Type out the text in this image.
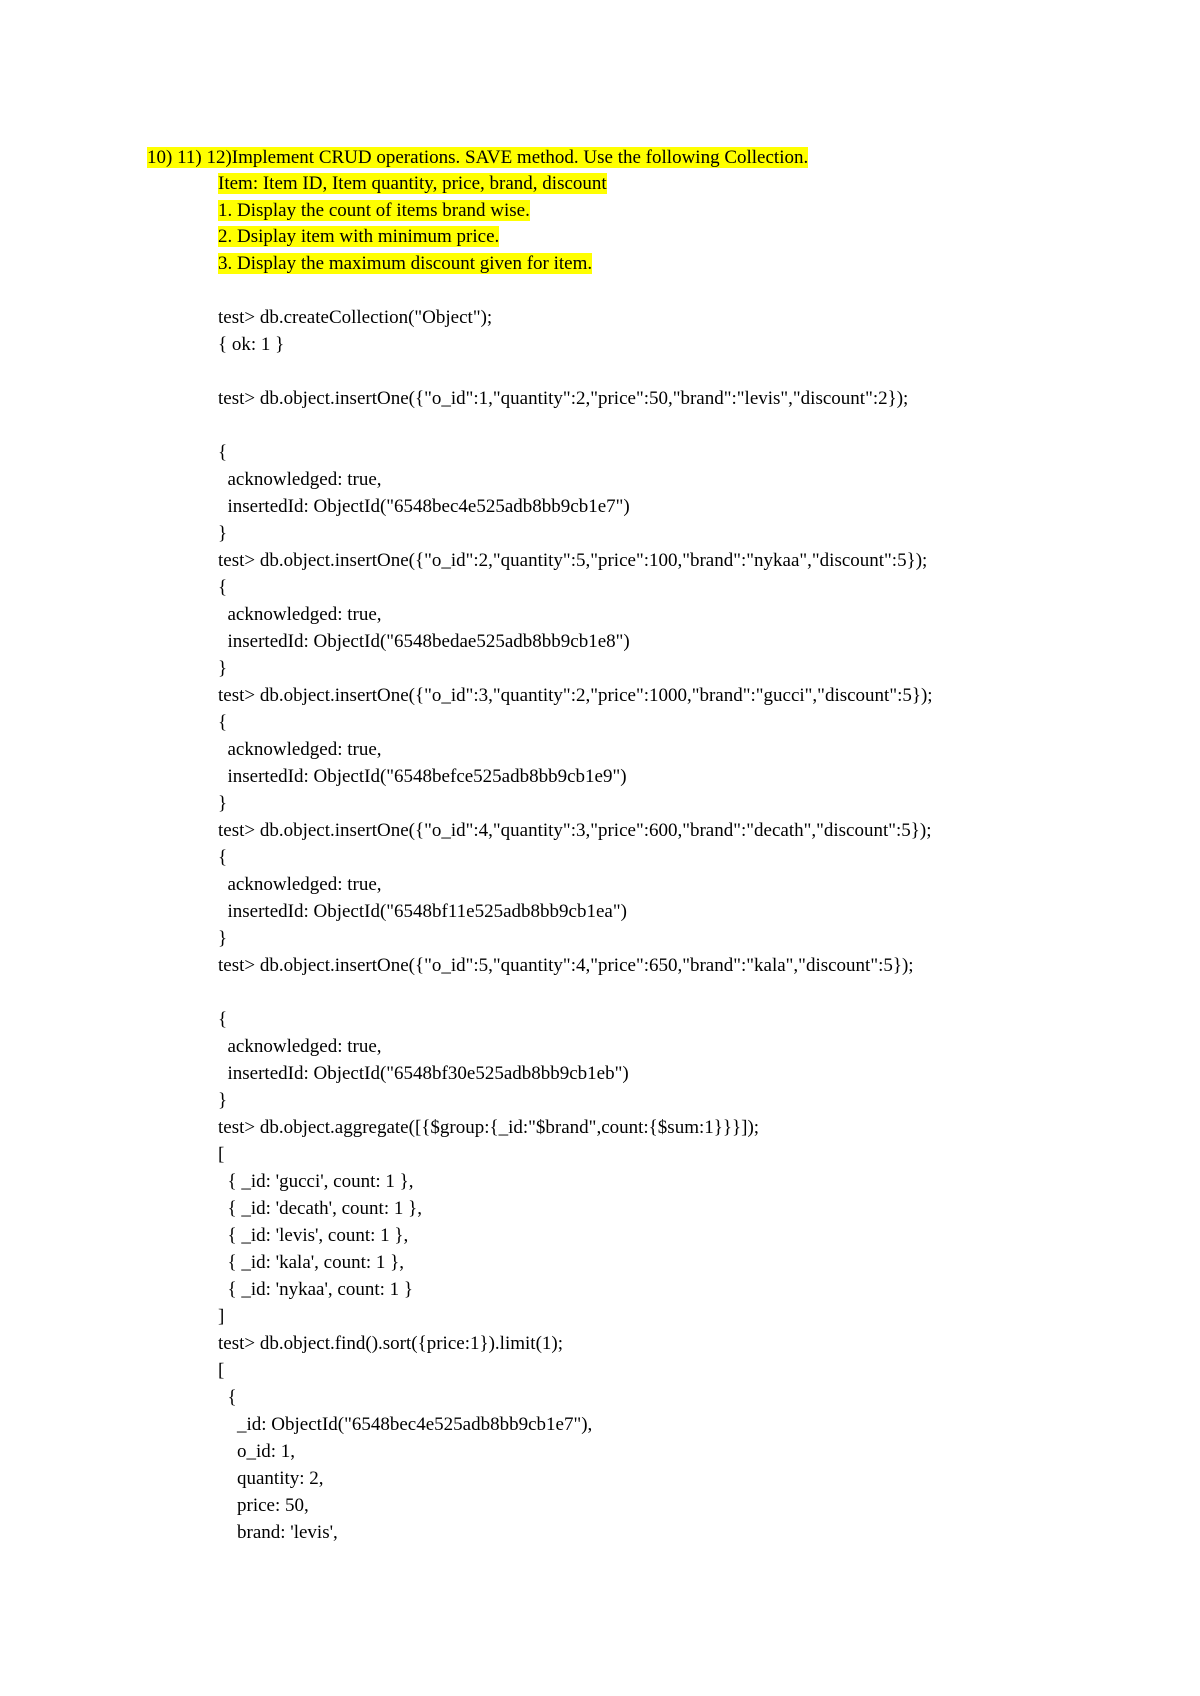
10) 11) 12)Implement CRUD operations. SAVE method. Use the following Collection.
Item: Item ID, Item quantity, price, brand, discount
1. Display the count of items brand wise.
2. Dsiplay item with minimum price.
3. Display the maximum discount given for item.
test> db.createCollection("Object");
{ ok: 1 }
test> db.object.insertOne({"o_id":1,"quantity":2,"price":50,"brand":"levis","discount":2});
{
acknowledged: true,
insertedId: ObjectId("6548bec4e525adb8bb9cb1e7")
}
test> db.object.insertOne({"o_id":2,"quantity":5,"price":100,"brand":"nykaa","discount":5});
{
acknowledged: true,
insertedId: ObjectId("6548bedae525adb8bb9cb1e8")
}
test> db.object.insertOne({"o_id":3,"quantity":2,"price":1000,"brand":"gucci","discount":5});
{
acknowledged: true,
insertedId: ObjectId("6548befce525adb8bb9cb1e9")
}
test> db.object.insertOne({"o_id":4,"quantity":3,"price":600,"brand":"decath","discount":5});
{
acknowledged: true,
insertedId: ObjectId("6548bf11e525adb8bb9cb1ea")
}
test> db.object.insertOne({"o_id":5,"quantity":4,"price":650,"brand":"kala","discount":5});
{
acknowledged: true,
insertedId: ObjectId("6548bf30e525adb8bb9cb1eb")
}
test> db.object.aggregate([{$group:{_id:"$brand",count:{$sum:1}}}]);
[
{ _id: 'gucci', count: 1 },
{ _id: 'decath', count: 1 },
{ _id: 'levis', count: 1 },
{ _id: 'kala', count: 1 },
{ _id: 'nykaa', count: 1 }
]
test> db.object.find().sort({price:1}).limit(1);
[
{
_id: ObjectId("6548bec4e525adb8bb9cb1e7"),
o_id: 1,
quantity: 2,
price: 50,
brand: 'levis',
